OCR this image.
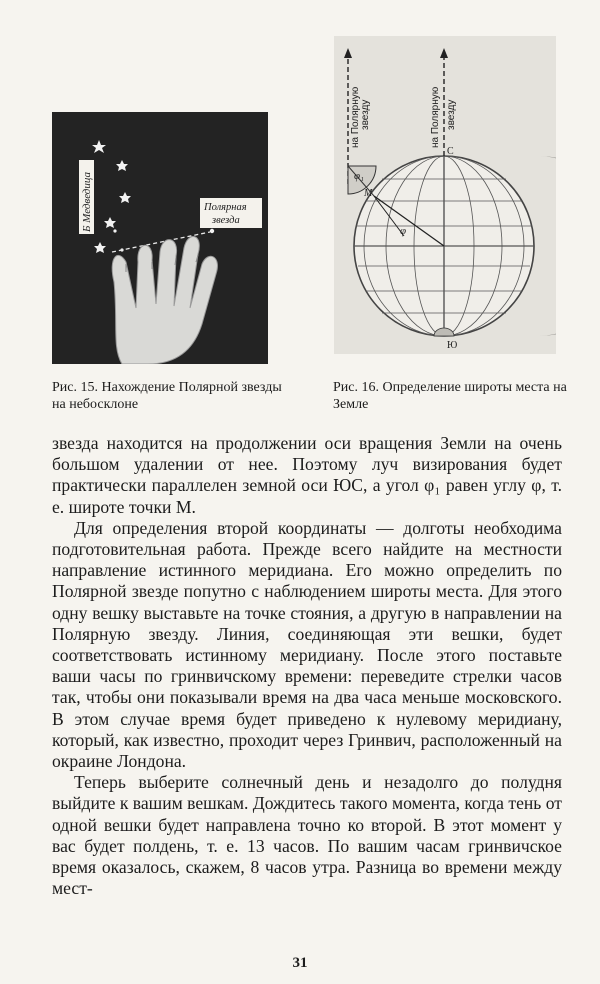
Б Медведица	Полярная
звезда
на Полярную звезду	на Полярную звезду
φ₁
φ
М
С
Ю
Рис. 15. Нахождение Полярной звезды на небосклоне
Рис. 16. Определение широты места на Земле

звезда находится на продолжении оси вращения Земли на очень большом удалении от нее. Поэтому луч визирования будет практически параллелен земной оси ЮС, а угол φ₁ равен углу φ, т. е. широте точки М.

Для определения второй координаты — долготы необходима подготовительная работа. Прежде всего найдите на местности направление истинного меридиана. Его можно определить по Полярной звезде попутно с наблюдением широты места. Для этого одну вешку выставьте на точке стояния, а другую в направлении на Полярную звезду. Линия, соединяющая эти вешки, будет соответствовать истинному меридиану. После этого поставьте ваши часы по гринвичскому времени: переведите стрелки часов так, чтобы они показывали время на два часа меньше московского. В этом случае время будет приведено к нулевому меридиану, который, как известно, проходит через Гринвич, расположенный на окраине Лондона.

Теперь выберите солнечный день и незадолго до полудня выйдите к вашим вешкам. Дождитесь такого момента, когда тень от одной вешки будет направлена точно ко второй. В этот момент у вас будет полдень, т. е. 13 часов. По вашим часам гринвичское время оказалось, скажем, 8 часов утра. Разница во времени между мест-

31
